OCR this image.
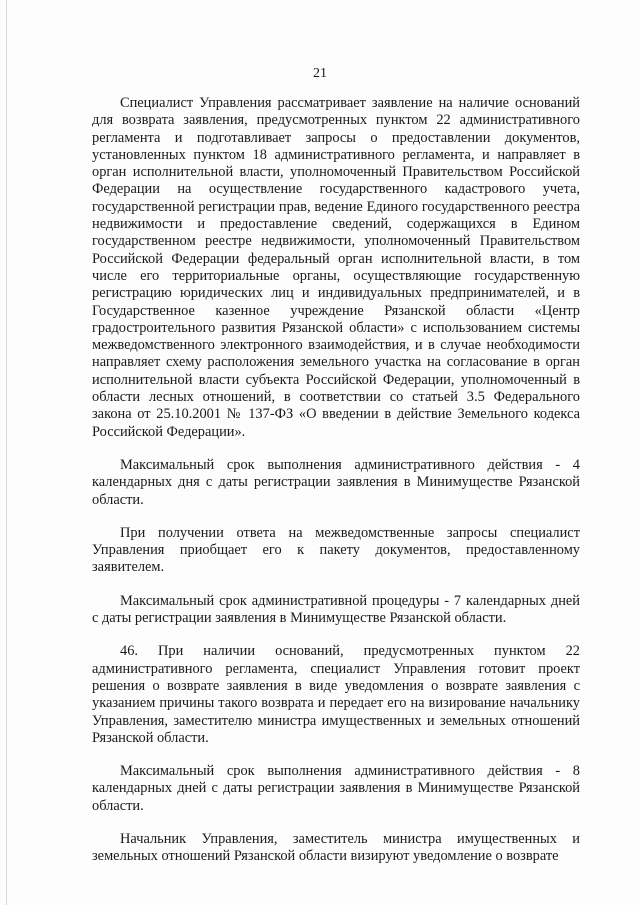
21

Специалист Управления рассматривает заявление на наличие оснований для возврата заявления, предусмотренных пунктом 22 административного регламента и подготавливает запросы о предоставлении документов, установленных пунктом 18 административного регламента, и направляет в орган исполнительной власти, уполномоченный Правительством Российской Федерации на осуществление государственного кадастрового учета, государственной регистрации прав, ведение Единого государственного реестра недвижимости и предоставление сведений, содержащихся в Едином государственном реестре недвижимости, уполномоченный Правительством Российской Федерации федеральный орган исполнительной власти, в том числе его территориальные органы, осуществляющие государственную регистрацию юридических лиц и индивидуальных предпринимателей, и в Государственное казенное учреждение Рязанской области «Центр градостроительного развития Рязанской области» с использованием системы межведомственного электронного взаимодействия, и в случае необходимости направляет схему расположения земельного участка на согласование в орган исполнительной власти субъекта Российской Федерации, уполномоченный в области лесных отношений, в соответствии со статьей 3.5 Федерального закона от 25.10.2001 № 137-ФЗ «О введении в действие Земельного кодекса Российской Федерации».

Максимальный срок выполнения административного действия - 4 календарных дня с даты регистрации заявления в Минимуществе Рязанской области.

При получении ответа на межведомственные запросы специалист Управления приобщает его к пакету документов, предоставленному заявителем.

Максимальный срок административной процедуры - 7 календарных дней с даты регистрации заявления в Минимуществе Рязанской области.

46. При наличии оснований, предусмотренных пунктом 22 административного регламента, специалист Управления готовит проект решения о возврате заявления в виде уведомления о возврате заявления с указанием причины такого возврата и передает его на визирование начальнику Управления, заместителю министра имущественных и земельных отношений Рязанской области.

Максимальный срок выполнения административного действия - 8 календарных дней с даты регистрации заявления в Минимуществе Рязанской области.

Начальник Управления, заместитель министра имущественных и земельных отношений Рязанской области визируют уведомление о возврате
